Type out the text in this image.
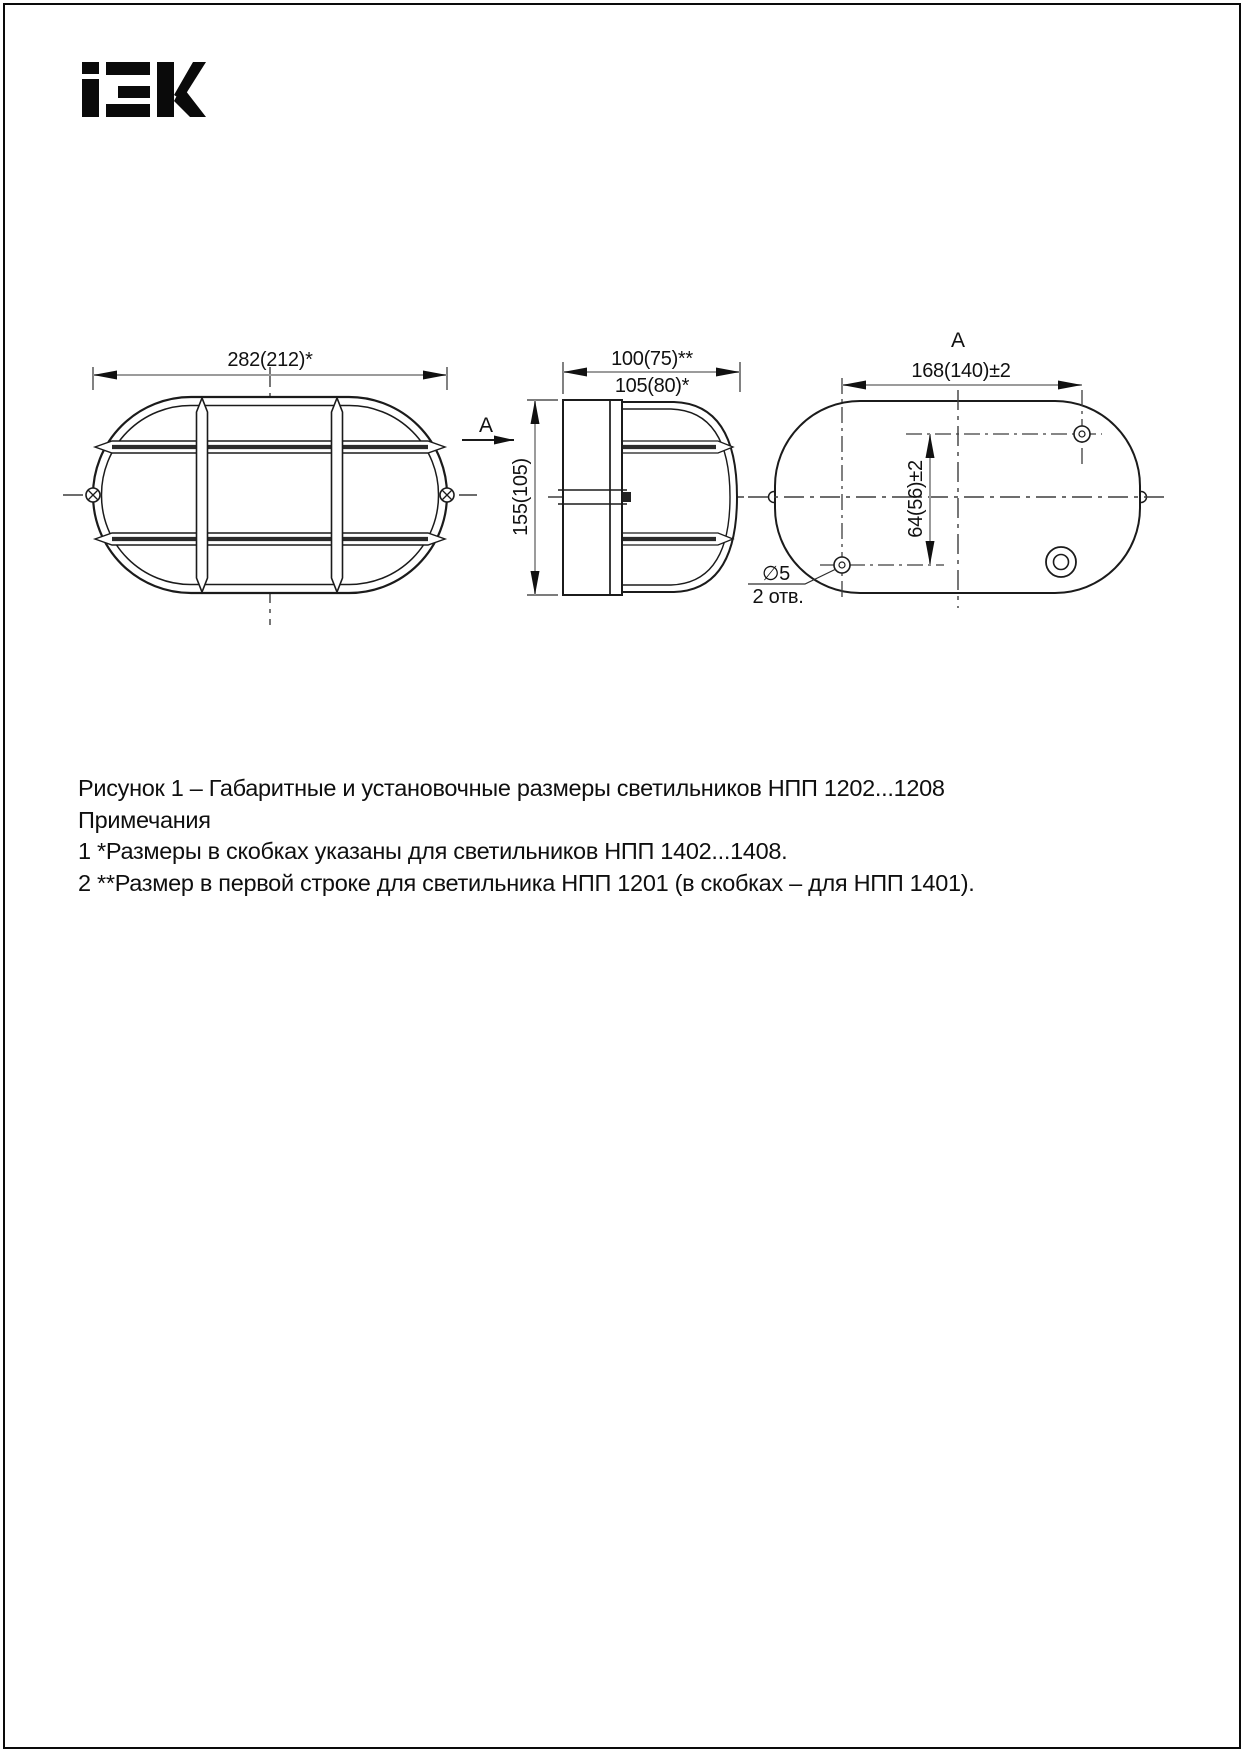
282(212)*
A
100(75)**
105(80)*
155(105)
A
168(140)±2
64(56)±2
∅5
2 отв.
Рисунок 1 – Габаритные и установочные размеры светильников НПП 1202...1208
Примечания
1 *Размеры в скобках указаны для светильников НПП 1402...1408.
2 **Размер в первой строке для светильника НПП 1201 (в скобках – для НПП 1401).
